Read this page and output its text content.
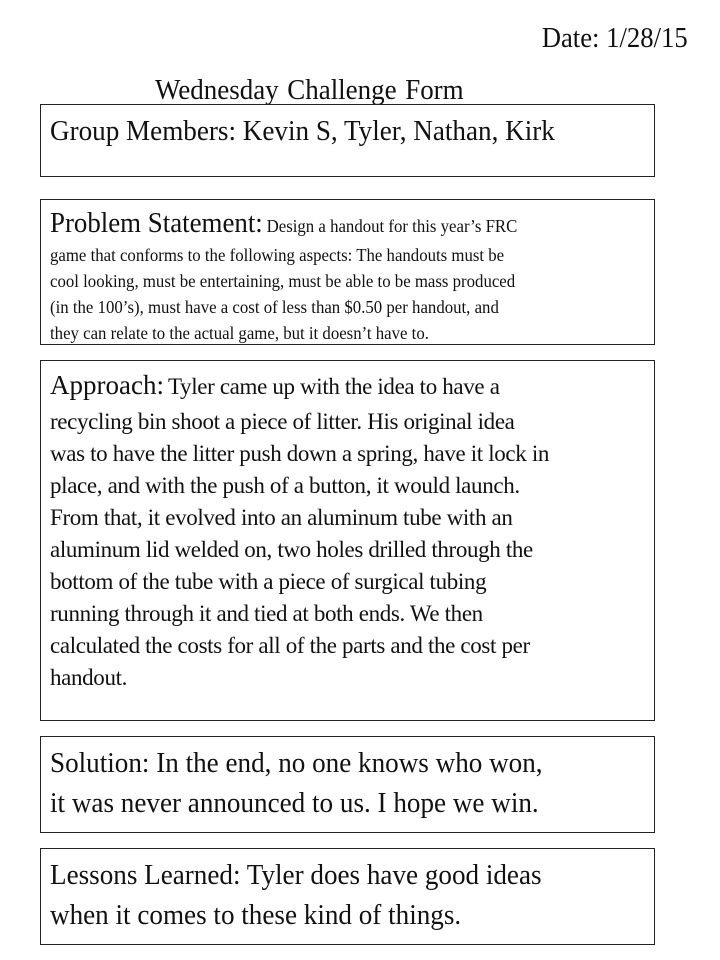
Date: 1/28/15
Wednesday Challenge Form
Group Members: Kevin S, Tyler, Nathan, Kirk

Problem Statement: Design a handout for this year’s FRC
game that conforms to the following aspects: The handouts must be
cool looking, must be entertaining, must be able to be mass produced
(in the 100’s), must have a cost of less than $0.50 per handout, and
they can relate to the actual game, but it doesn’t have to.

Approach: Tyler came up with the idea to have a
recycling bin shoot a piece of litter. His original idea
was to have the litter push down a spring, have it lock in
place, and with the push of a button, it would launch.
From that, it evolved into an aluminum tube with an
aluminum lid welded on, two holes drilled through the
bottom of the tube with a piece of surgical tubing
running through it and tied at both ends. We then
calculated the costs for all of the parts and the cost per
handout.

Solution: In the end, no one knows who won,
it was never announced to us. I hope we win.

Lessons Learned: Tyler does have good ideas
when it comes to these kind of things.
